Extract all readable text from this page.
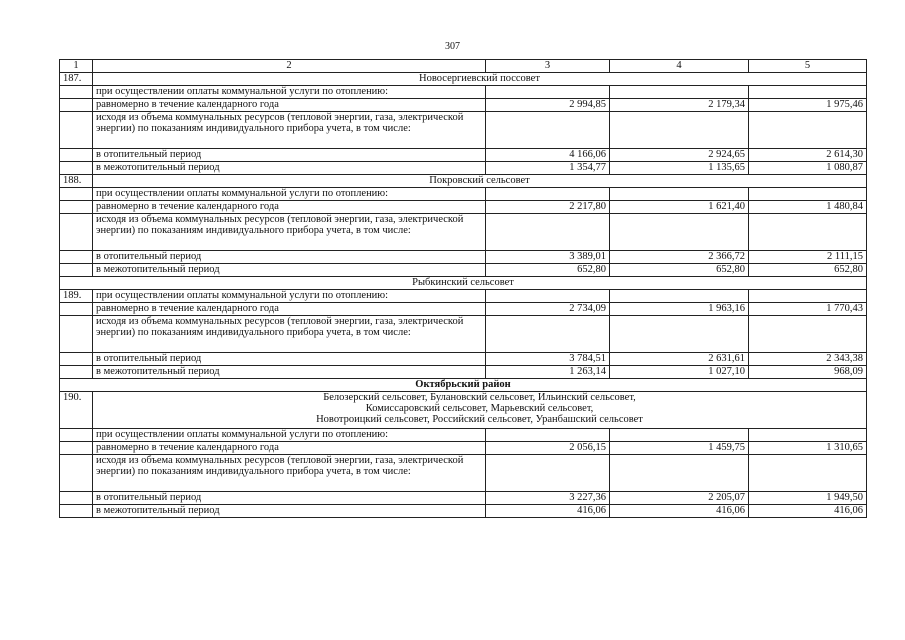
307
1	2	3	4	5
187.	Новосергиевский поссовет			
	при осуществлении оплаты коммунальной услуги по отоплению:			
	равномерно в течение календарного года	2 994,85	2 179,34	1 975,46
	исходя из объема коммунальных ресурсов (тепловой энергии, газа, электрической энергии) по показаниям индивидуального прибора учета, в том числе:			
	в отопительный период	4 166,06	2 924,65	2 614,30
	в межотопительный период	1 354,77	1 135,65	1 080,87
188.	Покровский сельсовет			
	при осуществлении оплаты коммунальной услуги по отоплению:			
	равномерно в течение календарного года	2 217,80	1 621,40	1 480,84
	исходя из объема коммунальных ресурсов (тепловой энергии, газа, электрической энергии) по показаниям индивидуального прибора учета, в том числе:			
	в отопительный период	3 389,01	2 366,72	2 111,15
	в межотопительный период	652,80	652,80	652,80
Рыбкинский сельсовет				
189.	при осуществлении оплаты коммунальной услуги по отоплению:			
	равномерно в течение календарного года	2 734,09	1 963,16	1 770,43
	исходя из объема коммунальных ресурсов (тепловой энергии, газа, электрической энергии) по показаниям индивидуального прибора учета, в том числе:			
	в отопительный период	3 784,51	2 631,61	2 343,38
	в межотопительный период	1 263,14	1 027,10	968,09
Октябрьский район				
190.	Белозерский сельсовет, Булановский сельсовет, Ильинский сельсовет,
Комиссаровский сельсовет, Марьевский сельсовет,
Новотроицкий сельсовет, Российский сельсовет, Уранбашский сельсовет			

	при осуществлении оплаты коммунальной услуги по отоплению:			
	равномерно в течение календарного года	2 056,15	1 459,75	1 310,65
	исходя из объема коммунальных ресурсов (тепловой энергии, газа, электрической энергии) по показаниям индивидуального прибора учета, в том числе:			
	в отопительный период	3 227,36	2 205,07	1 949,50
	в межотопительный период	416,06	416,06	416,06
